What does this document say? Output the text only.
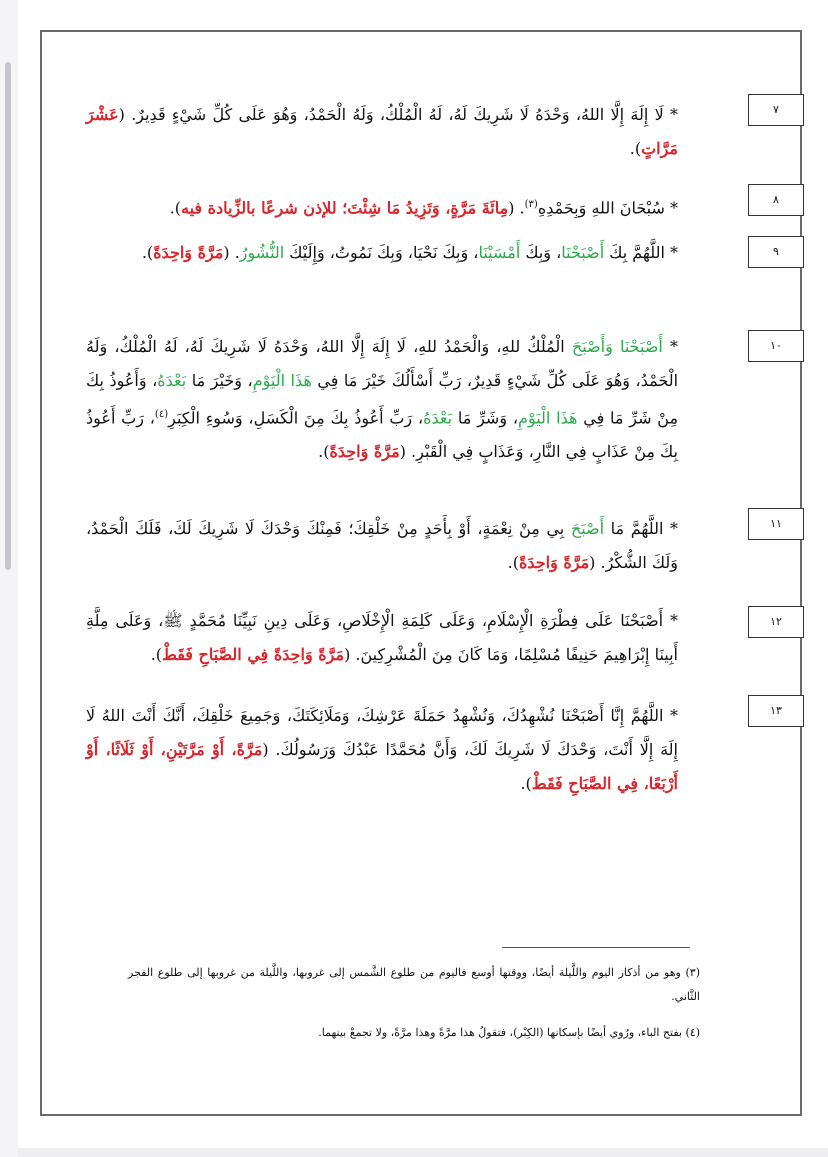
٧
* لَا إِلَهَ إِلَّا اللهُ، وَحْدَهُ لَا شَرِيكَ لَهُ، لَهُ الْمُلْكُ، وَلَهُ الْحَمْدُ، وَهُوَ عَلَى كُلِّ شَيْءٍ قَدِيرٌ. (عَشْرَ مَرَّاتٍ).
٨
* سُبْحَانَ اللهِ وَبِحَمْدِهِ$^{(٣)}$. (مِائَةَ مَرَّةٍ، وَتَزِيدُ مَا شِئْتَ؛ للإذن شرعًا بالزِّيادة فيه).
٩
* اللَّهُمَّ بِكَ أَصْبَحْنَا، وَبِكَ أَمْسَيْنَا، وَبِكَ نَحْيَا، وَبِكَ نَمُوتُ، وَإِلَيْكَ النُّشُورُ. (مَرَّةً وَاحِدَةً).
١٠
* أَصْبَحْنَا وَأَصْبَحَ الْمُلْكُ للهِ، وَالْحَمْدُ للهِ، لَا إِلَهَ إِلَّا اللهُ، وَحْدَهُ لَا شَرِيكَ لَهُ، لَهُ الْمُلْكُ، وَلَهُ الْحَمْدُ، وَهُوَ عَلَى كُلِّ شَيْءٍ قَدِيرٌ، رَبِّ أَسْأَلُكَ خَيْرَ مَا فِي هَذَا الْيَوْمِ، وَخَيْرَ مَا بَعْدَهُ، وَأَعُوذُ بِكَ مِنْ شَرِّ مَا فِي هَذَا الْيَوْمِ، وَشَرِّ مَا بَعْدَهُ، رَبِّ أَعُوذُ بِكَ مِنَ الْكَسَلِ، وَسُوءِ الْكِبَرِ$^{(٤)}$، رَبِّ أَعُوذُ بِكَ مِنْ عَذَابٍ فِي النَّارِ، وَعَذَابٍ فِي الْقَبْرِ. (مَرَّةً وَاحِدَةً).
١١
* اللَّهُمَّ مَا أَصْبَحَ بِي مِنْ نِعْمَةٍ، أَوْ بِأَحَدٍ مِنْ خَلْقِكَ؛ فَمِنْكَ وَحْدَكَ لَا شَرِيكَ لَكَ، فَلَكَ الْحَمْدُ، وَلَكَ الشُّكْرُ. (مَرَّةً وَاحِدَةً).
١٢
* أَصْبَحْنَا عَلَى فِطْرَةِ الْإِسْلَامِ، وَعَلَى كَلِمَةِ الْإِخْلَاصِ، وَعَلَى دِينِ نَبِيِّنَا مُحَمَّدٍ ﷺ، وَعَلَى مِلَّةِ أَبِينَا إِبْرَاهِيمَ حَنِيفًا مُسْلِمًا، وَمَا كَانَ مِنَ الْمُشْرِكِينَ. (مَرَّةً وَاحِدَةً فِي الصَّبَاحِ فَقَطْ).
١٣
* اللَّهُمَّ إِنَّا أَصْبَحْنَا نُشْهِدُكَ، وَنُشْهِدُ حَمَلَةَ عَرْشِكَ، وَمَلَائِكَتَكَ، وَجَمِيعَ خَلْقِكَ، أَنَّكَ أَنْتَ اللهُ لَا إِلَهَ إِلَّا أَنْتَ، وَحْدَكَ لَا شَرِيكَ لَكَ، وَأَنَّ مُحَمَّدًا عَبْدُكَ وَرَسُولُكَ. (مَرَّةً، أَوْ مَرَّتَيْنِ، أَوْ ثَلَاثًا، أَوْ أَرْبَعًا، فِي الصَّبَاحِ فَقَطْ).
(٣) وهو من أذكار اليوم واللَّيلة أيضًا، ووقتها أوسع فاليوم من طلوع الشَّمس إلى غروبها، واللَّيلة من غروبها إلى طلوع الفجر الثَّاني.
(٤) بفتح الباء، ورُوي أيضًا بإسكانها (الكِبْر)، فتقولُ هذا مرَّةً وهذا مرَّةً، ولا تجمعْ بينهما.
